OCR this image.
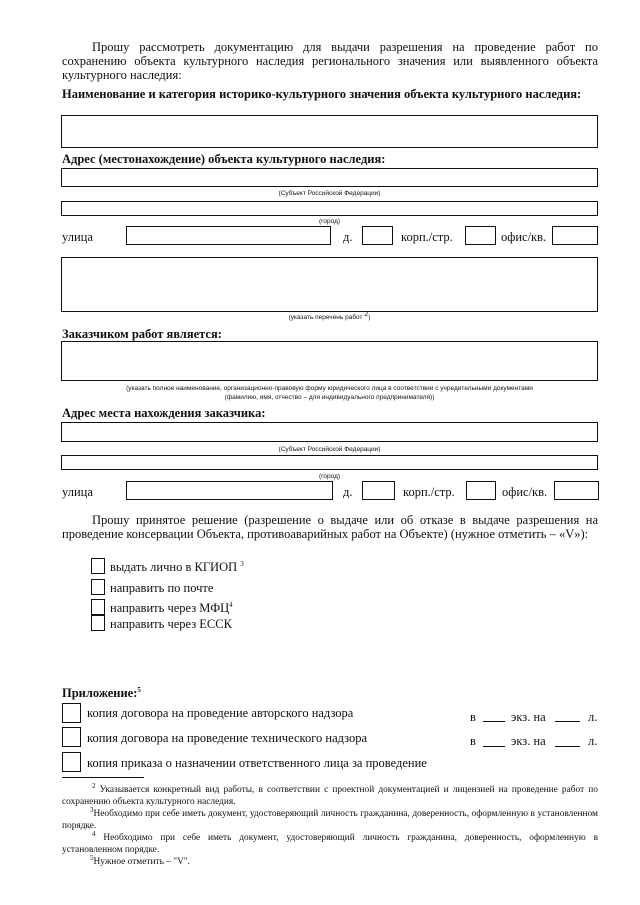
Прошу рассмотреть документацию для выдачи разрешения на проведение работ по сохранению объекта культурного наследия регионального значения или выявленного объекта культурного наследия:
Наименование и категория историко-культурного значения объекта культурного наследия:
Адрес (местонахождение) объекта культурного наследия:
(Субъект Российской Федерации)
(город)
улица	д.	корп./стр.	офис/кв.
(указать перечень работ $^2$)
Заказчиком работ является:
(указать полное наименование, организационно-правовую форму юридического лица в соответствии с учредительными документами
(фамилию, имя, отчество – для индивидуального предпринимателя))
Адрес места нахождения заказчика:
(Субъект Российской Федерации)
(город)
улица	д.	корп./стр.	офис/кв.
Прошу принятое решение (разрешение о выдаче или об отказе в выдаче разрешения на проведение консервации Объекта, противоаварийных работ на Объекте) (нужное отметить – «V»):
выдать лично в КГИОП $^3$
направить по почте
направить через МФЦ$^4$
направить через ЕССК
Приложение:$^5$
копия договора на проведение авторского надзора	в	экз. на	л.
копия договора на проведение технического надзора	в	экз. на	л.
копия приказа о назначении ответственного лица за проведение
$^2$ Указывается конкретный вид работы, в соответствии с проектной документацией и лицензией на проведение работ по сохранению объекта культурного наследия.
$^3$Необходимо при себе иметь документ, удостоверяющий личность гражданина, доверенность, оформленную в установленном порядке.
$^4$ Необходимо при себе иметь документ, удостоверяющий личность гражданина, доверенность, оформленную в установленном порядке.
$^5$Нужное отметить – "V".
